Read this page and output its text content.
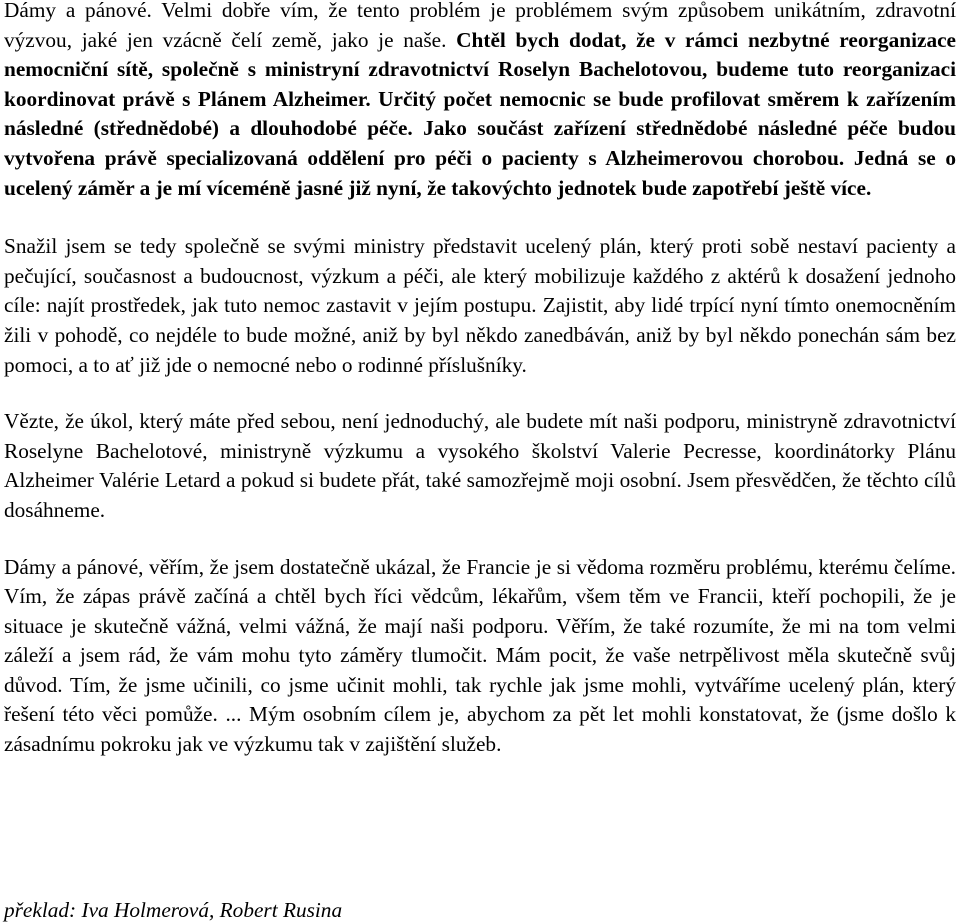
Dámy a pánové. Velmi dobře vím, že tento problém je problémem svým způsobem unikátním, zdravotní výzvou, jaké jen vzácně čelí země, jako je naše. Chtěl bych dodat, že v rámci nezbytné reorganizace nemocniční sítě, společně s ministryní zdravotnictví Roselyn Bachelotovou, budeme tuto reorganizaci koordinovat právě s Plánem Alzheimer. Určitý počet nemocnic se bude profilovat směrem k zařízením následné (střednědobé) a dlouhodobé péče. Jako součást zařízení střednědobé následné péče budou vytvořena právě specializovaná oddělení pro péči o pacienty s Alzheimerovou chorobou. Jedná se o ucelený záměr a je mí víceméně jasné již nyní, že takovýchto jednotek bude zapotřebí ještě více.

Snažil jsem se tedy společně se svými ministry představit ucelený plán, který proti sobě nestaví pacienty a pečující, současnost a budoucnost, výzkum a péči, ale který mobilizuje každého z aktérů k dosažení jednoho cíle: najít prostředek, jak tuto nemoc zastavit v jejím postupu. Zajistit, aby lidé trpící nyní tímto onemocněním žili v pohodě, co nejdéle to bude možné, aniž by byl někdo zanedbáván, aniž by byl někdo ponechán sám bez pomoci, a to ať již jde o nemocné nebo o rodinné příslušníky.

Vězte, že úkol, který máte před sebou, není jednoduchý, ale budete mít naši podporu, ministryně zdravotnictví Roselyne Bachelotové, ministryně výzkumu a vysokého školství Valerie Pecresse, koordinátorky Plánu Alzheimer Valérie Letard a pokud si budete přát, také samozřejmě moji osobní. Jsem přesvědčen, že těchto cílů dosáhneme.

Dámy a pánové, věřím, že jsem dostatečně ukázal, že Francie je si vědoma rozměru problému, kterému čelíme. Vím, že zápas právě začíná a chtěl bych říci vědcům, lékařům, všem těm ve Francii, kteří pochopili, že je situace je skutečně vážná, velmi vážná, že mají naši podporu. Věřím, že také rozumíte, že mi na tom velmi záleží a jsem rád, že vám mohu tyto záměry tlumočit. Mám pocit, že vaše netrpělivost měla skutečně svůj důvod. Tím, že jsme učinili, co jsme učinit mohli, tak rychle jak jsme mohli, vytváříme ucelený plán, který řešení této věci pomůže. ... Mým osobním cílem je, abychom za pět let mohli konstatovat, že (jsme došlo k zásadnímu pokroku jak ve výzkumu tak v zajištění služeb.

překlad: Iva Holmerová, Robert Rusina
